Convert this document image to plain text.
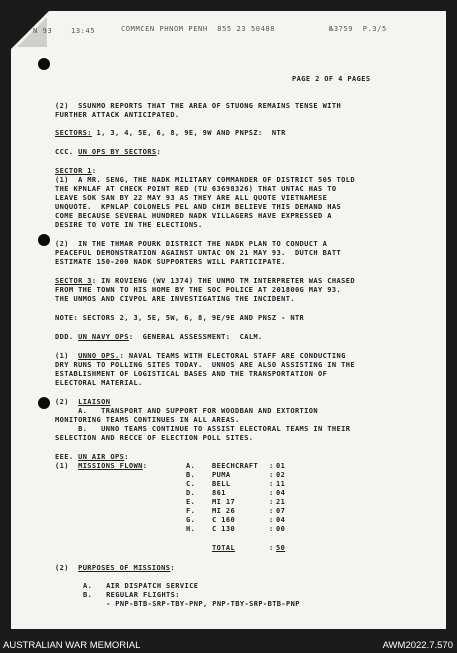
N 93	13:45	COMMCEN PHNOM PENH  855 23 50488	№3759  P.3/5
PAGE 2 OF 4 PAGES
(2)  SSUNMO REPORTS THAT THE AREA OF STUONG REMAINS TENSE WITH
FURTHER ATTACK ANTICIPATED.
SECTORS: 1, 3, 4, 5E, 6, 8, 9E, 9W AND PNPSZ:  NTR
CCC. UN OPS BY SECTORS:
SECTOR 1:
(1)  A MR. SENG, THE NADK MILITARY COMMANDER OF DISTRICT 505 TOLD
THE KPNLAF AT CHECK POINT RED (TU 63698326) THAT UNTAC HAS TO
LEAVE SOK SAN BY 22 MAY 93 AS THEY ARE ALL QUOTE VIETNAMESE
UNQUOTE.  KPNLAP COLONELS PEL AND CHIM BELIEVE THIS DEMAND HAS
COME BECAUSE SEVERAL HUNDRED NADK VILLAGERS HAVE EXPRESSED A
DESIRE TO VOTE IN THE ELECTIONS.
(2)  IN THE THMAR POURK DISTRICT THE NADK PLAN TO CONDUCT A
PEACEFUL DEMONSTRATION AGAINST UNTAC ON 21 MAY 93.  DUTCH BATT
ESTIMATE 150-200 NADK SUPPORTERS WILL PARTICIPATE.
SECTOR 3: IN ROVIENG (WV 1374) THE UNMO TM INTERPRETER WAS CHASED
FROM THE TOWN TO HIS HOME BY THE SOC POLICE AT 201800G MAY 93.
THE UNMOS AND CIVPOL ARE INVESTIGATING THE INCIDENT.
NOTE: SECTORS 2, 3, 5E, 5W, 6, 8, 9E/9E AND PNSZ - NTR
DDD. UN NAVY OPS:  GENERAL ASSESSMENT:  CALM.
(1)  UNNO OPS.: NAVAL TEAMS WITH ELECTORAL STAFF ARE CONDUCTING
DRY RUNS TO POLLING SITES TODAY.  UNNOS ARE ALSO ASSISTING IN THE
ESTABLISHMENT OF LOGISTICAL BASES AND THE TRANSPORTATION OF
ELECTORAL MATERIAL.
(2)  LIAISON
A.   TRANSPORT AND SUPPORT FOR WOODBAN AND EXTORTION
MONITORING TEAMS CONTINUES IN ALL AREAS.
B.   UNNO TEAMS CONTINUE TO ASSIST ELECTORAL TEAMS IN THEIR
SELECTION AND RECCE OF ELECTION POLL SITES.
EEE. UN AIR OPS:
(1)  MISSIONS FLOWN:	A. BEECHCRAFT : 01
B. PUMA	: 02
C. BELL	: 11
D. 861	: 04
E. MI 17	: 21
F. MI 26	: 07
G. C 160	: 04
H. C 130	: 00
TOTAL	: 50
(2)  PURPOSES OF MISSIONS:
A.   AIR DISPATCH SERVICE
B.   REGULAR FLIGHTS:
- PNP-BTB-SRP-TBY-PNP, PNP-TBY-SRP-BTB-PNP
AUSTRALIAN WAR MEMORIAL	AWM2022.7.570
